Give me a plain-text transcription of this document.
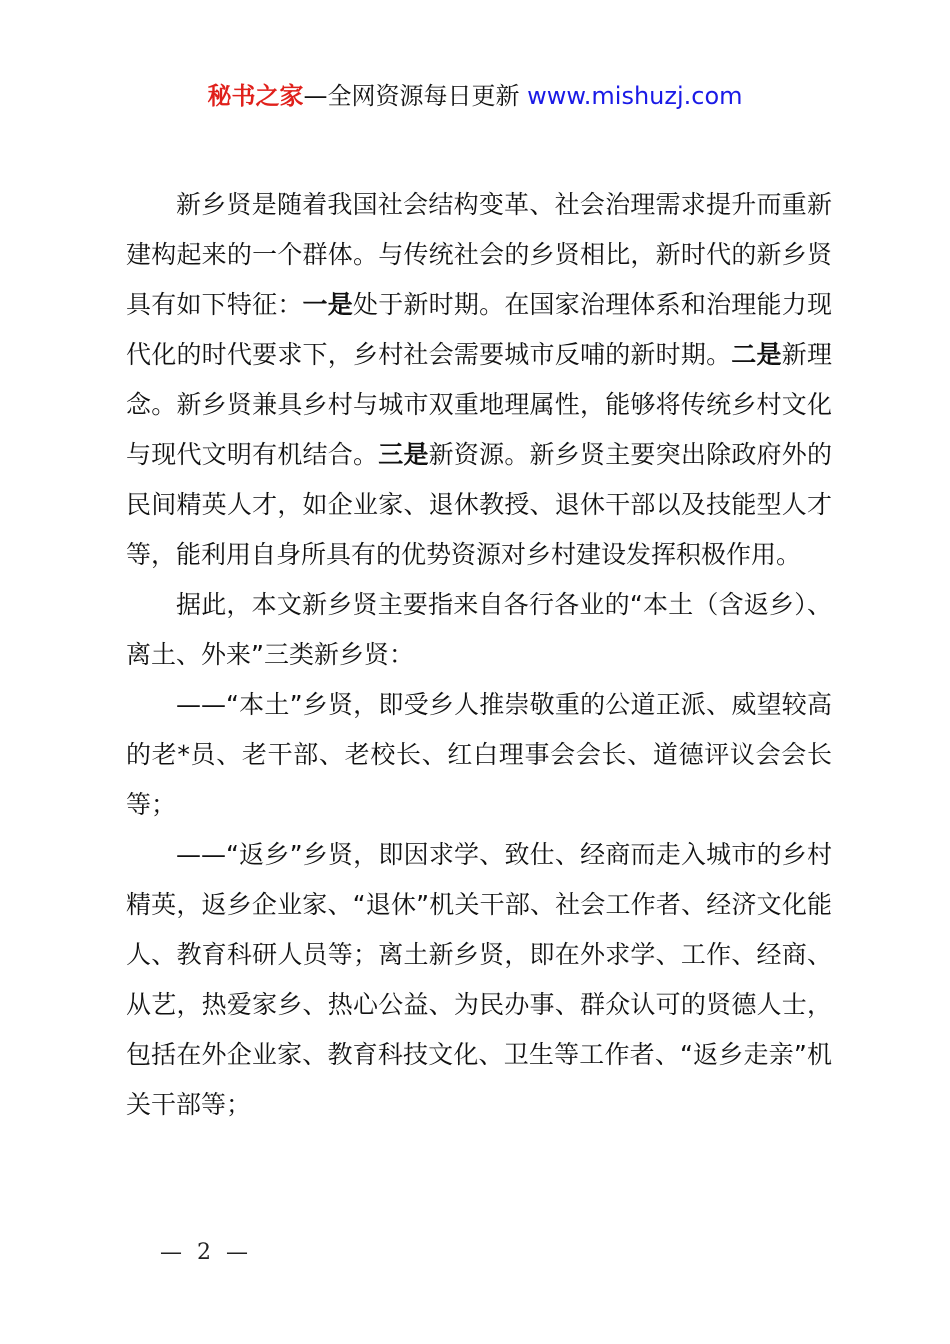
秘书之家—全网资源每日更新 www.mishuzj.com

新乡贤是随着我国社会结构变革、社会治理需求提升而重新建构起来的一个群体。与传统社会的乡贤相比，新时代的新乡贤具有如下特征：一是处于新时期。在国家治理体系和治理能力现代化的时代要求下，乡村社会需要城市反哺的新时期。二是新理念。新乡贤兼具乡村与城市双重地理属性，能够将传统乡村文化与现代文明有机结合。三是新资源。新乡贤主要突出除政府外的民间精英人才，如企业家、退休教授、退休干部以及技能型人才等，能利用自身所具有的优势资源对乡村建设发挥积极作用。

据此，本文新乡贤主要指来自各行各业的“本土（含返乡）、离土、外来”三类新乡贤：

——“本土”乡贤，即受乡人推崇敬重的公道正派、威望较高的老*员、老干部、老校长、红白理事会会长、道德评议会会长等；

——“返乡”乡贤，即因求学、致仕、经商而走入城市的乡村精英，返乡企业家、“退休”机关干部、社会工作者、经济文化能人、教育科研人员等；离土新乡贤，即在外求学、工作、经商、从艺，热爱家乡、热心公益、为民办事、群众认可的贤德人士，包括在外企业家、教育科技文化、卫生等工作者、“返乡走亲”机关干部等；

— 2 —
